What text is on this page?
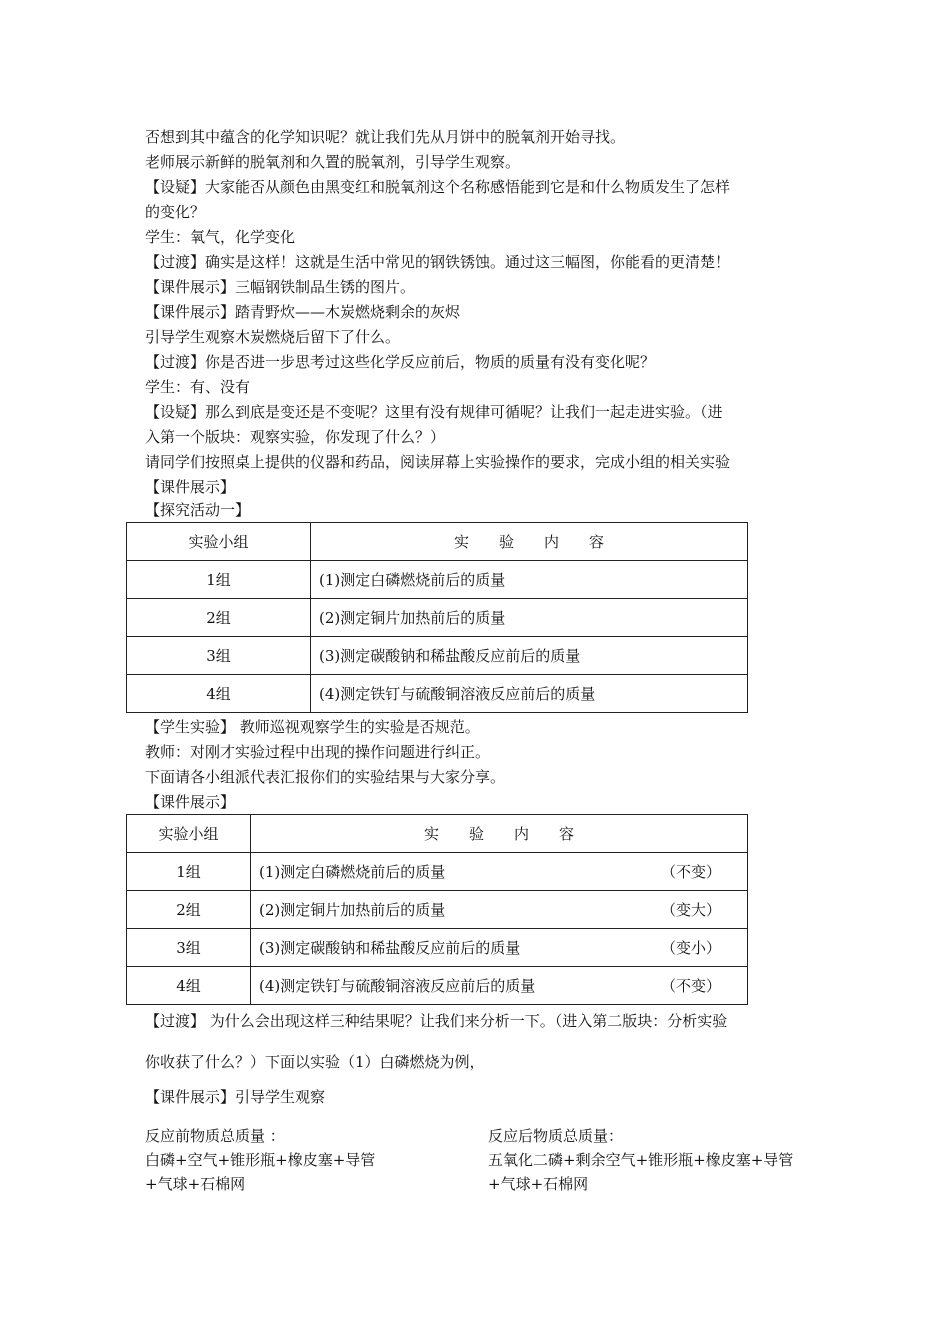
否想到其中蕴含的化学知识呢？就让我们先从月饼中的脱氧剂开始寻找。
老师展示新鲜的脱氧剂和久置的脱氧剂，引导学生观察。
【设疑】大家能否从颜色由黑变红和脱氧剂这个名称感悟能到它是和什么物质发生了怎样
的变化？
学生：氧气，化学变化
【过渡】确实是这样！这就是生活中常见的钢铁锈蚀。通过这三幅图，你能看的更清楚！
【课件展示】三幅钢铁制品生锈的图片。
【课件展示】踏青野炊——木炭燃烧剩余的灰烬
引导学生观察木炭燃烧后留下了什么。
【过渡】你是否进一步思考过这些化学反应前后，物质的质量有没有变化呢？
学生：有、没有
【设疑】那么到底是变还是不变呢？这里有没有规律可循呢？让我们一起走进实验。（进
入第一个版块：观察实验，你发现了什么？）
请同学们按照桌上提供的仪器和药品，阅读屏幕上实验操作的要求，完成小组的相关实验
【课件展示】
【探究活动一】
实验小组	实　　验　　内　　容
1组	(1)测定白磷燃烧前后的质量
2组	(2)测定铜片加热前后的质量
3组	(3)测定碳酸钠和稀盐酸反应前后的质量
4组	(4)测定铁钉与硫酸铜溶液反应前后的质量
【学生实验】 教师巡视观察学生的实验是否规范。
教师：对刚才实验过程中出现的操作问题进行纠正。
下面请各小组派代表汇报你们的实验结果与大家分享。
【课件展示】
实验小组	实　　验　　内　　容
1组	(1)测定白磷燃烧前后的质量 （不变）

2组	(2)测定铜片加热前后的质量 （变大）

3组	(3)测定碳酸钠和稀盐酸反应前后的质量 （变小）

4组	(4)测定铁钉与硫酸铜溶液反应前后的质量 （不变）
【过渡】 为什么会出现这样三种结果呢？让我们来分析一下。（进入第二版块：分析实验
你收获了什么？）下面以实验（1）白磷燃烧为例，
【课件展示】引导学生观察
反应前物质总质量 ：
白磷+空气+锥形瓶+橡皮塞+导管
+气球+石棉网
反应后物质总质量：
五氧化二磷+剩余空气+锥形瓶+橡皮塞+导管
+气球+石棉网
